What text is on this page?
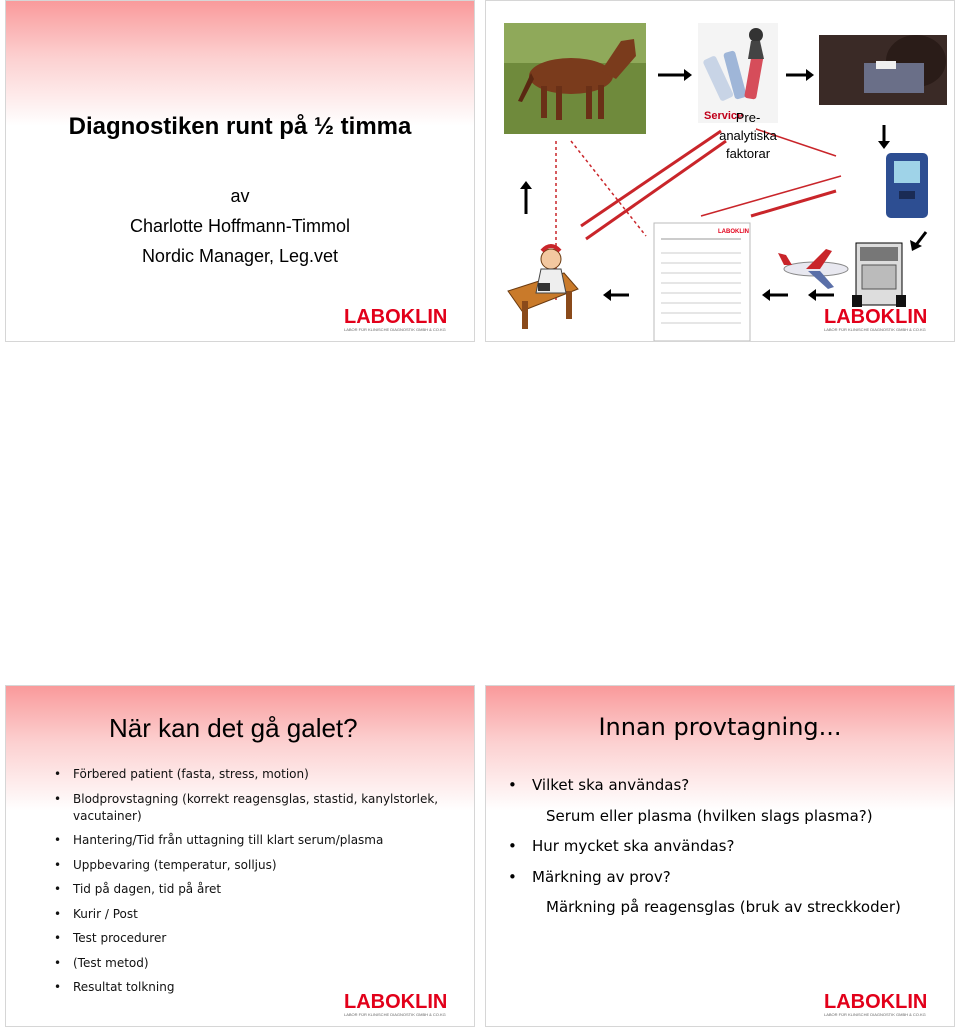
Diagnostiken runt på ½ timma
av
Charlotte Hoffmann-Timmol
Nordic Manager, Leg.vet
LABOKLIN
LABOR FÜR KLINISCHE DIAGNOSTIK GMBH & CO.KG
Service
LABOKLIN
Pre-
analytiska
faktorar
LABOKLIN
LABOR FÜR KLINISCHE DIAGNOSTIK GMBH & CO.KG
När kan det gå galet?
• Förbered patient (fasta, stress, motion)
• Blodprovstagning (korrekt reagensglas, stastid, kanylstorlek, vacutainer)
• Hantering/Tid från uttagning till klart serum/plasma
• Uppbevaring (temperatur, solljus)
• Tid på dagen, tid på året
• Kurir / Post
• Test procedurer
• (Test metod)
• Resultat tolkning
LABOKLIN
LABOR FÜR KLINISCHE DIAGNOSTIK GMBH & CO.KG
Innan provtagning...
• Vilket ska användas?
Serum eller plasma (hvilken slags plasma?)
• Hur mycket ska användas?
• Märkning av prov?
Märkning på reagensglas (bruk av streckkoder)
LABOKLIN
LABOR FÜR KLINISCHE DIAGNOSTIK GMBH & CO.KG
